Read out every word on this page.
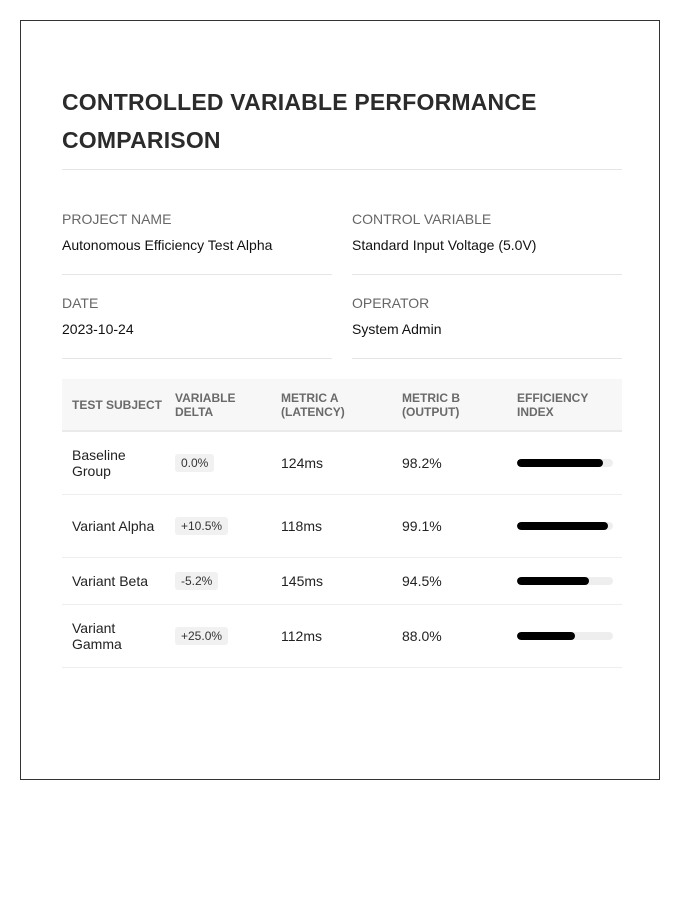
CONTROLLED VARIABLE PERFORMANCE COMPARISON
PROJECT NAME
Autonomous Efficiency Test Alpha
CONTROL VARIABLE
Standard Input Voltage (5.0V)
DATE
2023-10-24
OPERATOR
System Admin
TEST SUBJECT	VARIABLE DELTA	METRIC A (LATENCY)	METRIC B (OUTPUT)	EFFICIENCY INDEX
Baseline Group	0.0%	124ms	98.2%	

Variant Alpha	+10.5%	118ms	99.1%	

Variant Beta	-5.2%	145ms	94.5%	

Variant Gamma	+25.0%	112ms	88.0%	
